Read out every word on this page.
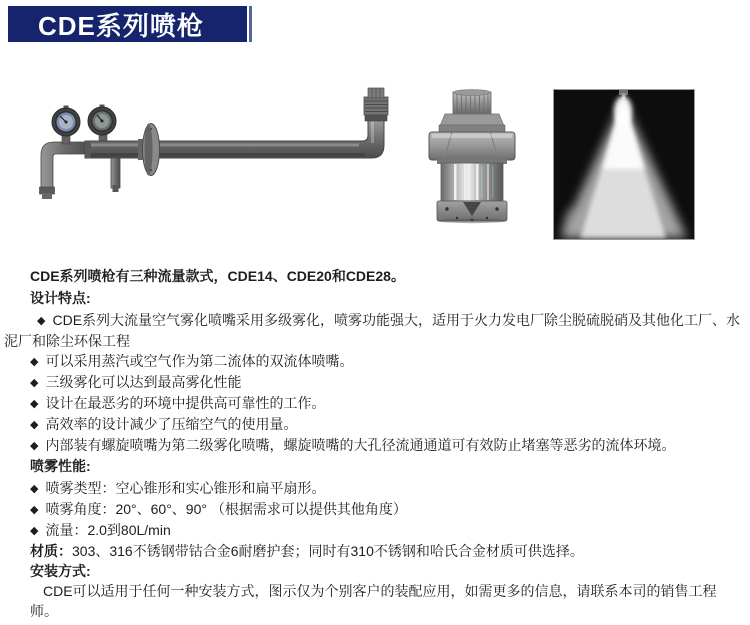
CDE系列喷枪

CDE系列喷枪有三种流量款式，CDE14、CDE20和CDE28。

设计特点:
◆ CDE系列大流量空气雾化喷嘴采用多级雾化，喷雾功能强大，适用于火力发电厂除尘脱硫脱硝及其他化工厂、水泥厂和除尘环保工程
◆ 可以采用蒸汽或空气作为第二流体的双流体喷嘴。
◆ 三级雾化可以达到最高雾化性能
◆ 设计在最恶劣的环境中提供高可靠性的工作。
◆ 高效率的设计减少了压缩空气的使用量。
◆ 内部装有螺旋喷嘴为第二级雾化喷嘴，螺旋喷嘴的大孔径流通通道可有效防止堵塞等恶劣的流体环境。
喷雾性能:
◆ 喷雾类型：空心锥形和实心锥形和扁平扇形。
◆ 喷雾角度：20°、60°、90° （根据需求可以提供其他角度）
◆ 流量：2.0到80L/min

材质：303、316不锈钢带钴合金6耐磨护套；同时有310不锈钢和哈氏合金材质可供选择。

安装方式:

CDE可以适用于任何一种安装方式，图示仅为个别客户的装配应用，如需更多的信息，请联系本司的销售工程师。
